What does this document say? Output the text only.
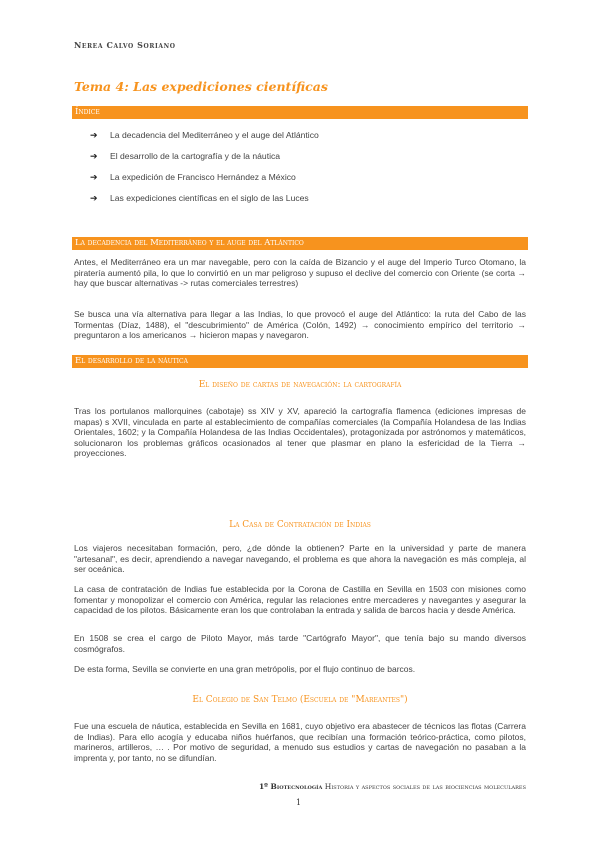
Nerea Calvo Soriano
Tema 4: Las expediciones científicas
Índice
➔	La decadencia del Mediterráneo y el auge del Atlántico
➔	El desarrollo de la cartografía y de la náutica
➔	La expedición de Francisco Hernández a México
➔	Las expediciones científicas en el siglo de las Luces
La decadencia del Mediterráneo y el auge del Atlántico

Antes, el Mediterráneo era un mar navegable, pero con la caída de Bizancio y el auge del Imperio Turco Otomano, la piratería aumentó pila, lo que lo convirtió en un mar peligroso y supuso el declive del comercio con Oriente (se corta → hay que buscar alternativas -> rutas comerciales terrestres)

Se busca una vía alternativa para llegar a las Indias, lo que provocó el auge del Atlántico: la ruta del Cabo de las Tormentas (Díaz, 1488), el "descubrimiento" de América (Colón, 1492) → conocimiento empírico del territorio → preguntaron a los americanos → hicieron mapas y navegaron.

El desarrollo de la náutica

El diseño de cartas de navegación: la cartografía

Tras los portulanos mallorquines (cabotaje) ss XIV y XV, apareció la cartografía flamenca (ediciones impresas de mapas) s XVII, vinculada en parte al establecimiento de compañías comerciales (la Compañía Holandesa de las Indias Orientales, 1602; y la Compañía Holandesa de las Indias Occidentales), protagonizada por astrónomos y matemáticos, solucionaron los problemas gráficos ocasionados al tener que plasmar en plano la esfericidad de la Tierra → proyecciones.

La Casa de Contratación de Indias

Los viajeros necesitaban formación, pero, ¿de dónde la obtienen? Parte en la universidad y parte de manera "artesanal", es decir, aprendiendo a navegar navegando, el problema es que ahora la navegación es más compleja, al ser oceánica.

La casa de contratación de Indias fue establecida por la Corona de Castilla en Sevilla en 1503 con misiones como fomentar y monopolizar el comercio con América, regular las relaciones entre mercaderes y navegantes y asegurar la capacidad de los pilotos. Básicamente eran los que controlaban la entrada y salida de barcos hacia y desde América.

En 1508 se crea el cargo de Piloto Mayor, más tarde "Cartógrafo Mayor", que tenía bajo su mando diversos cosmógrafos.

De esta forma, Sevilla se convierte en una gran metrópolis, por el flujo continuo de barcos.

El Colegio de San Telmo (Escuela de "Mareantes")

Fue una escuela de náutica, establecida en Sevilla en 1681, cuyo objetivo era abastecer de técnicos las flotas (Carrera de Indias). Para ello acogía y educaba niños huérfanos, que recibían una formación teórico-práctica, como pilotos, marineros, artilleros, … . Por motivo de seguridad, a menudo sus estudios y cartas de navegación no pasaban a la imprenta y, por tanto, no se difundían.

1º Biotecnología Historia y aspectos sociales de las biociencias moleculares
1
